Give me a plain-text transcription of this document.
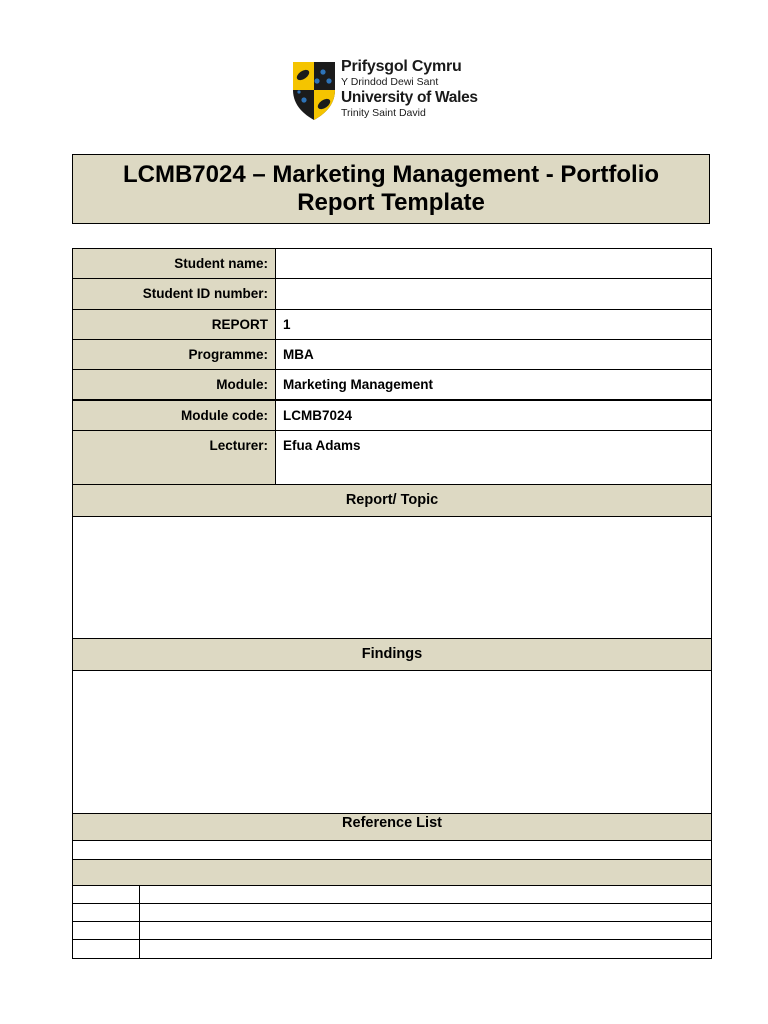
Prifysgol Cymru
Y Drindod Dewi Sant
University of Wales
Trinity Saint David
LCMB7024 – Marketing Management - Portfolio Report Template
Student name:
Student ID number:
REPORT	1
Programme:	MBA
Module:	Marketing Management
Module code:	LCMB7024
Lecturer:	Efua Adams
Report/ Topic
Findings
Reference List
